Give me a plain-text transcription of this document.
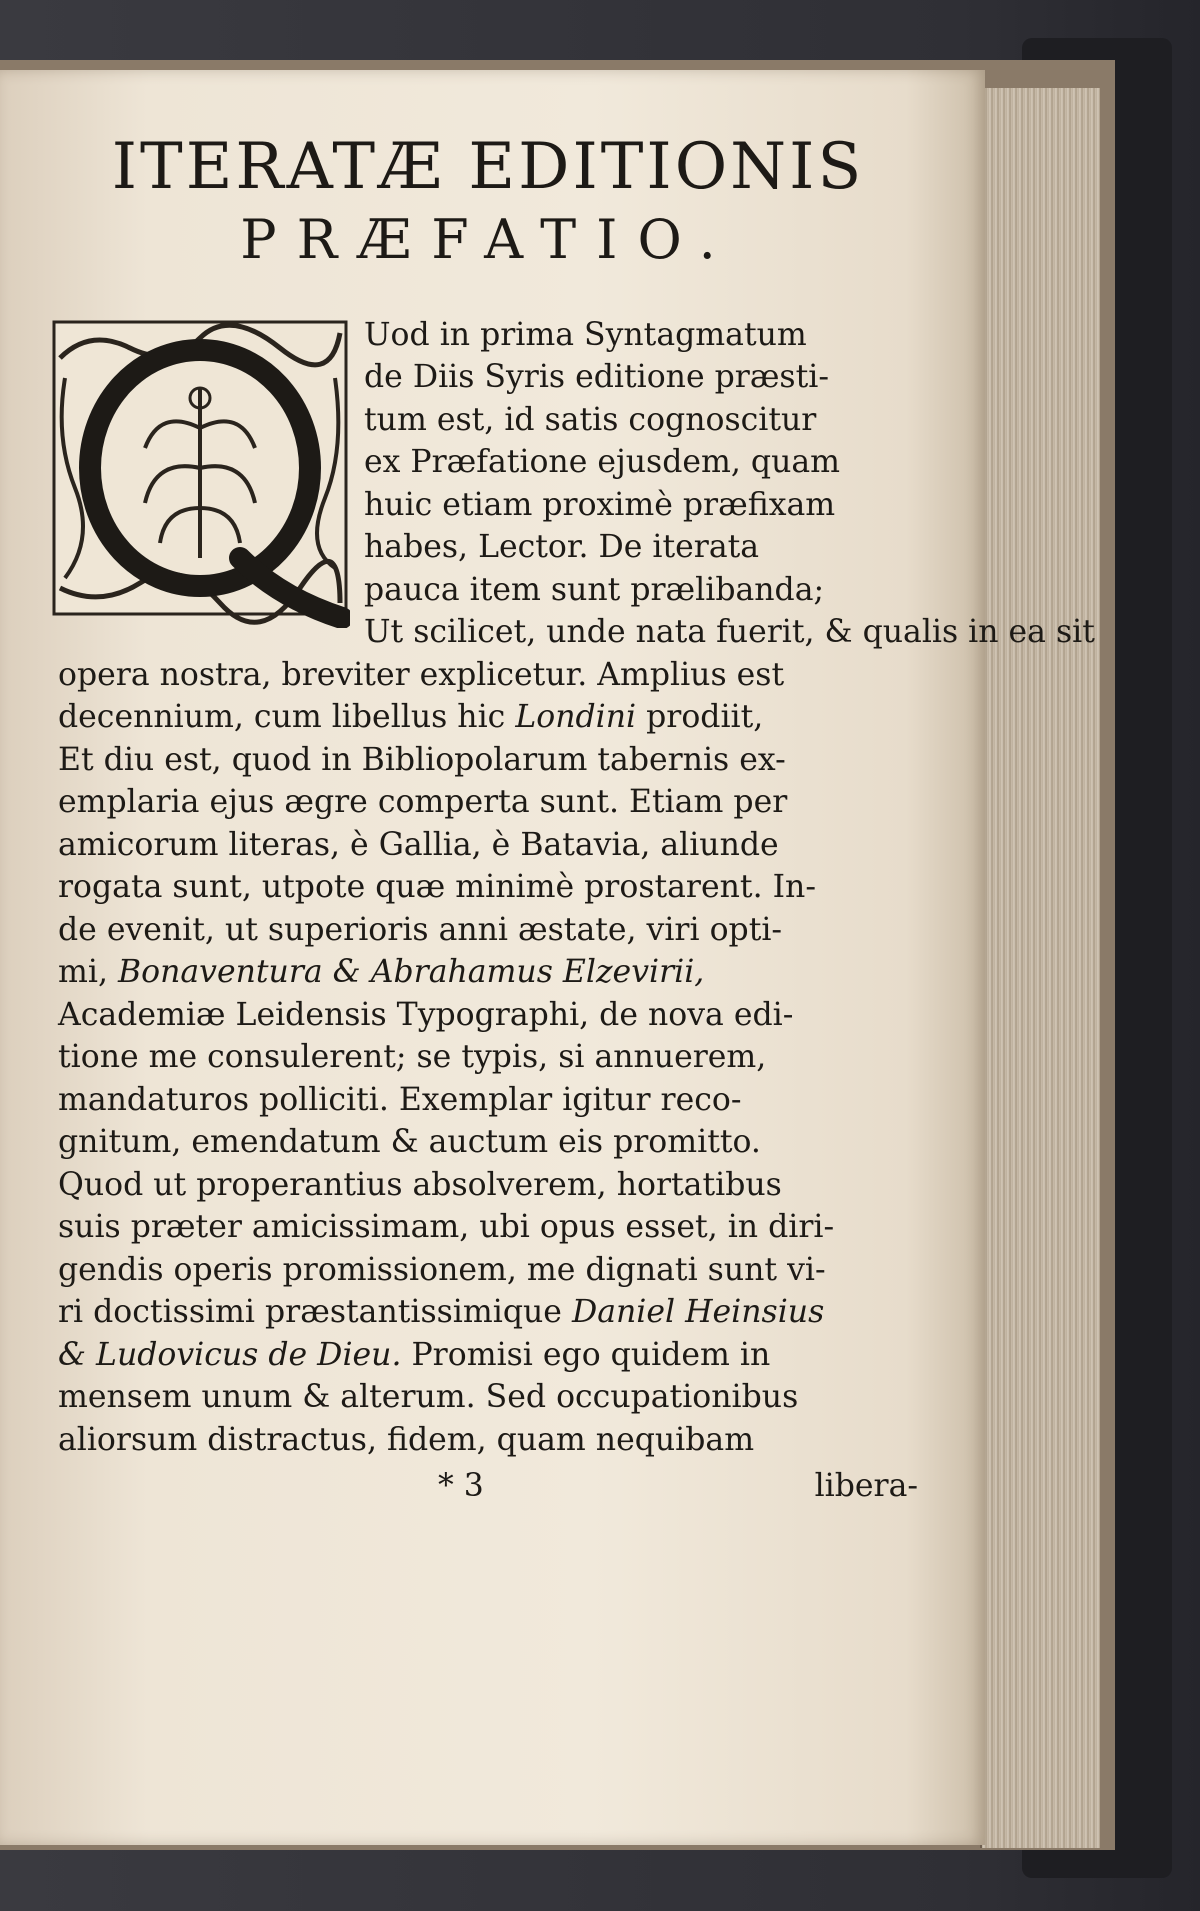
ITERATÆ EDITIONIS
PRÆFATIO.
Uod in prima Syntagmatum
de Diis Syris editione præsti-
tum est, id satis cognoscitur
ex Præfatione ejusdem, quam
huic etiam proximè præfixam
habes, Lector. De iterata
pauca item sunt prælibanda;
Ut scilicet, unde nata fuerit, & qualis in ea sit
opera nostra, breviter explicetur. Amplius est
decennium, cum libellus hic Londini prodiit,
Et diu est, quod in Bibliopolarum tabernis ex-
emplaria ejus ægre comperta sunt. Etiam per
amicorum literas, è Gallia, è Batavia, aliunde
rogata sunt, utpote quæ minimè prostarent. In-
de evenit, ut superioris anni æstate, viri opti-
mi, Bonaventura & Abrahamus Elzevirii,
Academiæ Leidensis Typographi, de nova edi-
tione me consulerent; se typis, si annuerem,
mandaturos polliciti. Exemplar igitur reco-
gnitum, emendatum & auctum eis promitto.
Quod ut properantius absolverem, hortatibus
suis præter amicissimam, ubi opus esset, in diri-
gendis operis promissionem, me dignati sunt vi-
ri doctissimi præstantissimique Daniel Heinsius
& Ludovicus de Dieu. Promisi ego quidem in
mensem unum & alterum. Sed occupationibus
aliorsum distractus, fidem, quam nequibam
* 3	libera-
